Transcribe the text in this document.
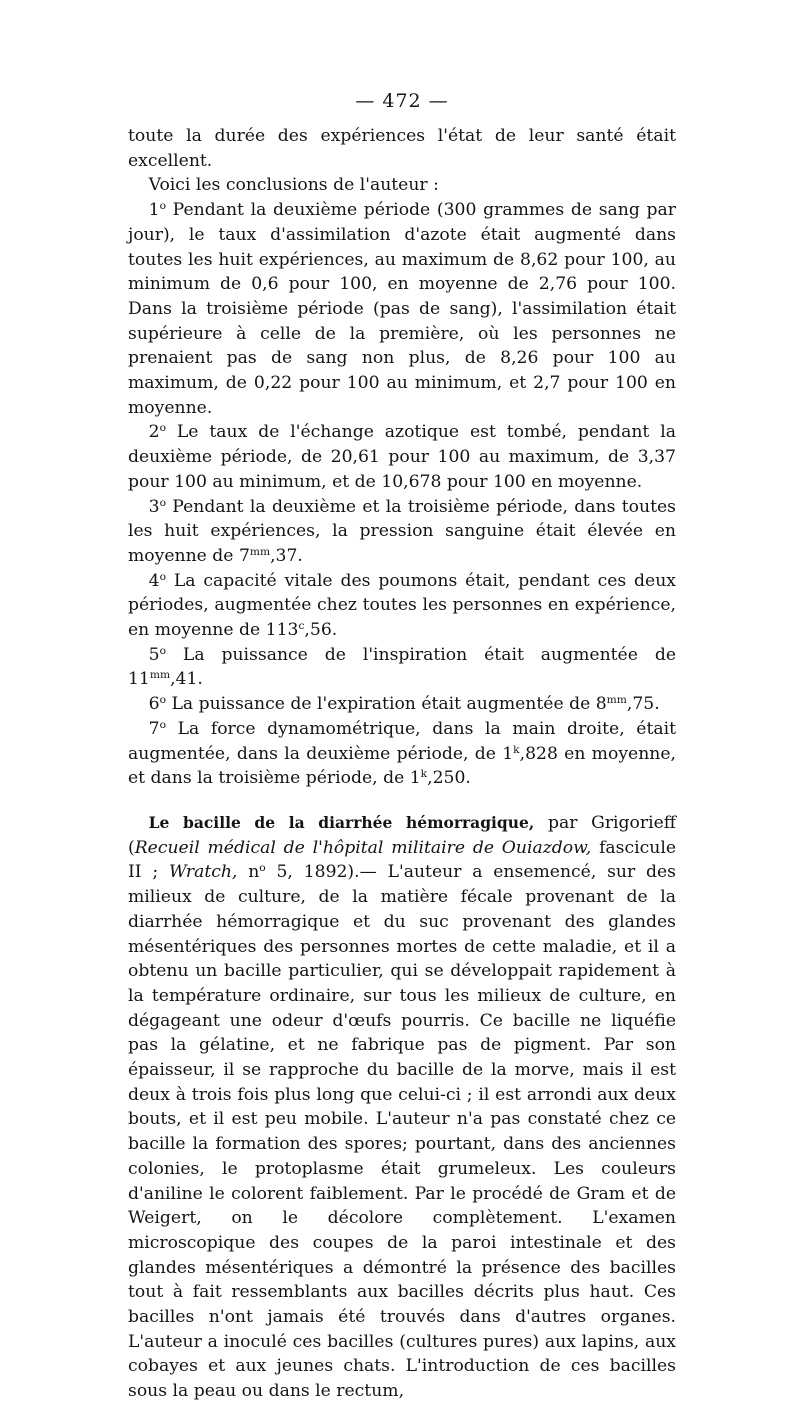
— 472 —

toute la durée des expériences l'état de leur santé était excellent.

Voici les conclusions de l'auteur :

1$^o$ Pendant la deuxième période (300 grammes de sang par jour), le taux d'assimilation d'azote était augmenté dans toutes les huit expériences, au maximum de 8,62 pour 100, au minimum de 0,6 pour 100, en moyenne de 2,76 pour 100. Dans la troisième période (pas de sang), l'assimilation était supérieure à celle de la première, où les personnes ne prenaient pas de sang non plus, de 8,26 pour 100 au maximum, de 0,22 pour 100 au minimum, et 2,7 pour 100 en moyenne.

2$^o$ Le taux de l'échange azotique est tombé, pendant la deuxième période, de 20,61 pour 100 au maximum, de 3,37 pour 100 au minimum, et de 10,678 pour 100 en moyenne.

3$^o$ Pendant la deuxième et la troisième période, dans toutes les huit expériences, la pression sanguine était élevée en moyenne de $7^{mm},37$.

4$^o$ La capacité vitale des poumons était, pendant ces deux périodes, augmentée chez toutes les personnes en expérience, en moyenne de 113$^c$,56.

5$^o$ La puissance de l'inspiration était augmentée de $11^{mm},41$.

6$^o$ La puissance de l'expiration était augmentée de $8^{mm},75$.

7$^o$ La force dynamométrique, dans la main droite, était augmentée, dans la deuxième période, de 1$^k$,828 en moyenne, et dans la troisième période, de 1$^k$,250.

Le bacille de la diarrhée hémorragique, par Grigorieff (Recueil médical de l'hôpital militaire de Ouiazdow, fascicule II ; Wratch, $n^o$ 5, 1892).— L'auteur a ensemencé, sur des milieux de culture, de la matière fécale provenant de la diarrhée hémorragique et du suc provenant des glandes mésentériques des personnes mortes de cette maladie, et il a obtenu un bacille particulier, qui se développait rapidement à la température ordinaire, sur tous les milieux de culture, en dégageant une odeur d'œufs pourris. Ce bacille ne liquéfie pas la gélatine, et ne fabrique pas de pigment. Par son épaisseur, il se rapproche du bacille de la morve, mais il est deux à trois fois plus long que celui-ci ; il est arrondi aux deux bouts, et il est peu mobile. L'auteur n'a pas constaté chez ce bacille la formation des spores; pourtant, dans des anciennes colonies, le protoplasme était grumeleux. Les couleurs d'aniline le colorent faiblement. Par le procédé de Gram et de Weigert, on le décolore complètement. L'examen microscopique des coupes de la paroi intestinale et des glandes mésentériques a démontré la présence des bacilles tout à fait ressemblants aux bacilles décrits plus haut. Ces bacilles n'ont jamais été trouvés dans d'autres organes. L'auteur a inoculé ces bacilles (cultures pures) aux lapins, aux cobayes et aux jeunes chats. L'introduction de ces bacilles sous la peau ou dans le rectum,
